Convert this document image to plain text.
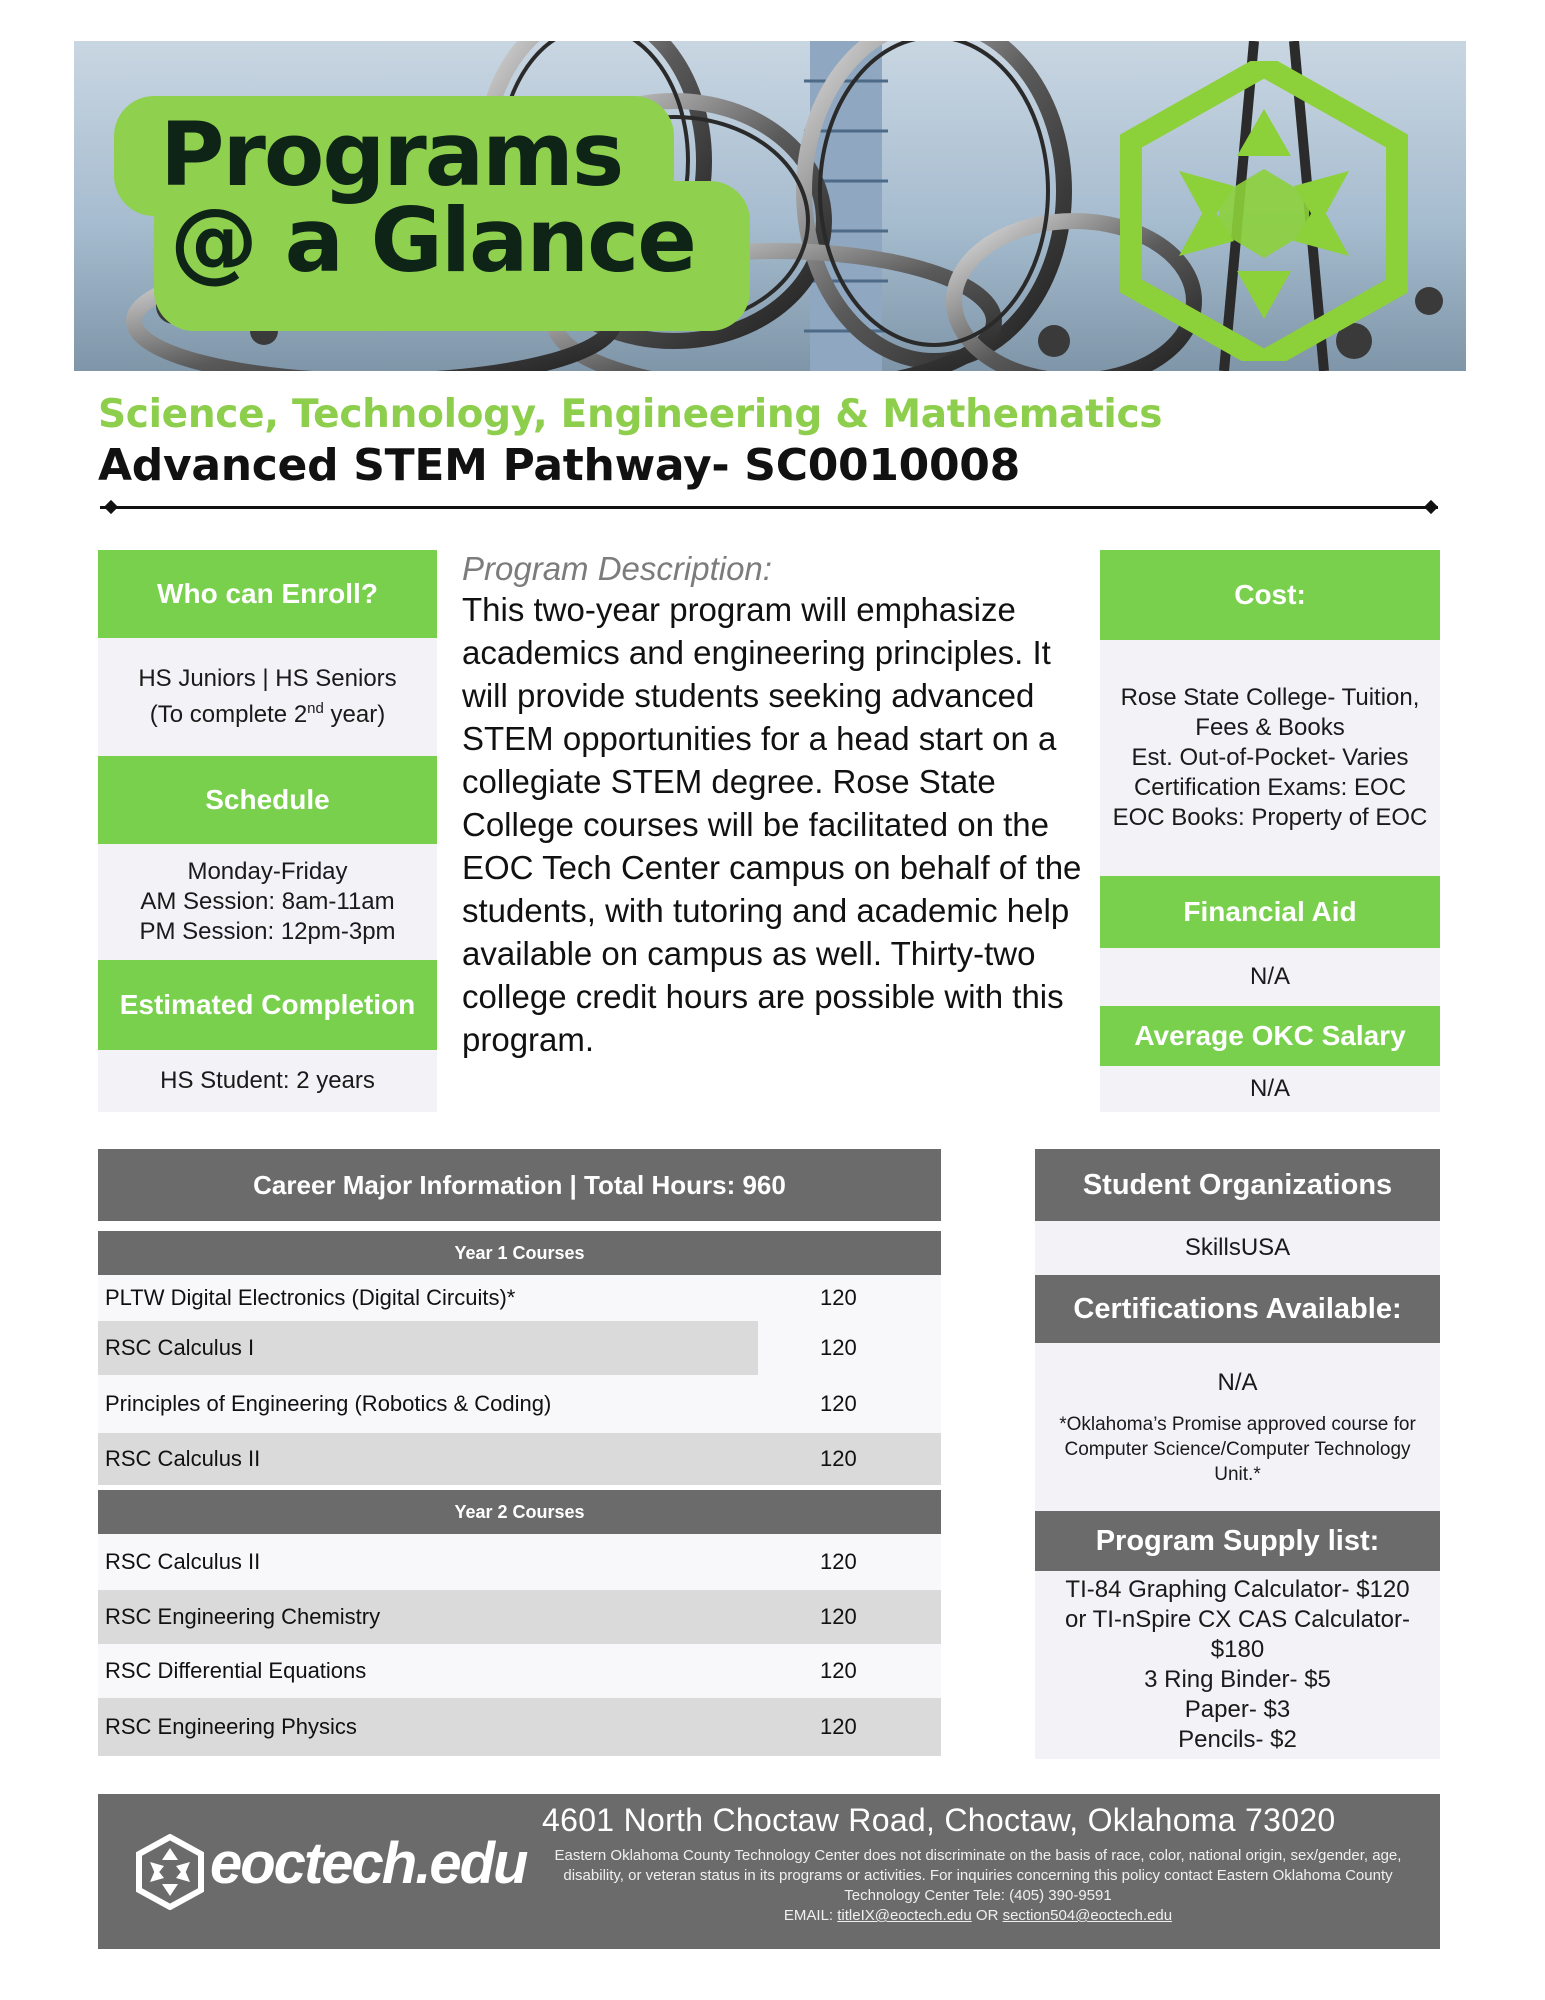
Programs
@ a Glance
Science, Technology, Engineering & Mathematics
Advanced STEM Pathway- SC0010008
Who can Enroll?
HS Juniors | HS Seniors
(To complete 2nd year)
Schedule
Monday-Friday
AM Session: 8am-11am
PM Session: 12pm-3pm
Estimated Completion
HS Student: 2 years
Program Description:
This two-year program will emphasize academics and engineering principles. It will provide students seeking advanced STEM opportunities for a head start on a collegiate STEM degree. Rose State College courses will be facilitated on the EOC Tech Center campus on behalf of the students, with tutoring and academic help available on campus as well. Thirty-two college credit hours are possible with this program.
Cost:
Rose State College- Tuition,
Fees & Books
Est. Out-of-Pocket- Varies
Certification Exams: EOC
EOC Books: Property of EOC
Financial Aid
N/A
Average OKC Salary
N/A
Career Major Information | Total Hours: 960
Year 1 Courses
PLTW Digital Electronics (Digital Circuits)*	120
RSC Calculus I	120
Principles of Engineering (Robotics & Coding)	120
RSC Calculus II	120
Year 2 Courses
RSC Calculus II	120
RSC Engineering Chemistry	120
RSC Differential Equations	120
RSC Engineering Physics	120
Student Organizations
SkillsUSA
Certifications Available:
N/A
*Oklahoma’s Promise approved course for Computer Science/Computer Technology Unit.*
Program Supply list:
TI-84 Graphing Calculator- $120
or TI-nSpire CX CAS Calculator- $180
3 Ring Binder- $5
Paper- $3
Pencils- $2
eoctech.edu
4601 North Choctaw Road, Choctaw, Oklahoma 73020
Eastern Oklahoma County Technology Center does not discriminate on the basis of race, color, national origin, sex/gender, age, disability, or veteran status in its programs or activities. For inquiries concerning this policy contact Eastern Oklahoma County Technology Center Tele: (405) 390-9591
EMAIL: titleIX@eoctech.edu OR section504@eoctech.edu
